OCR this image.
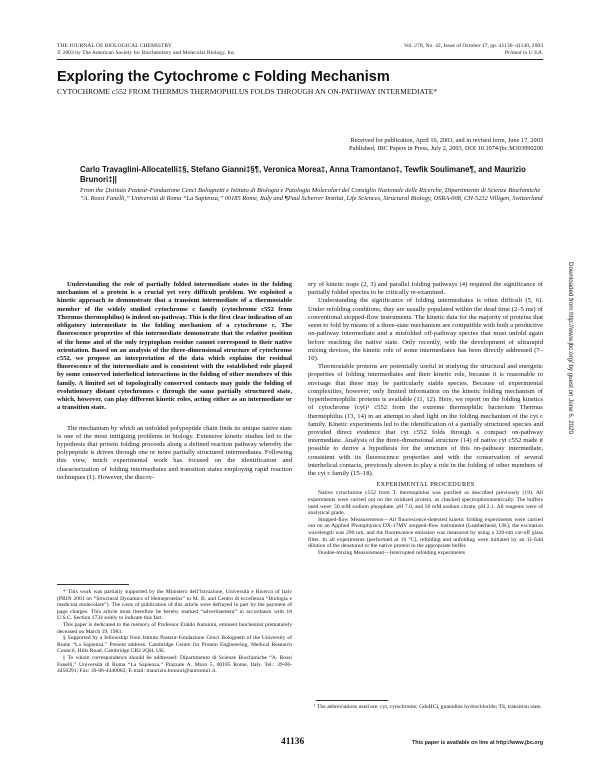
THE JOURNAL OF BIOLOGICAL CHEMISTRY
© 2003 by The American Society for Biochemistry and Molecular Biology, Inc.
Vol. 278, No. 42, Issue of October 17, pp. 41136–41140, 2003
Printed in U.S.A.
Exploring the Cytochrome c Folding Mechanism
CYTOCHROME c552 FROM THERMUS THERMOPHILUS FOLDS THROUGH AN ON-PATHWAY INTERMEDIATE*
Received for publication, April 16, 2003, and in revised form, June 17, 2003
Published, JBC Papers in Press, July 2, 2003, DOI 10.1074/jbc.M303990200
Carlo Travaglini-Allocatelli‡§, Stefano Gianni‡§¶, Veronica Morea‡, Anna Tramontano‡, Tewfik Soulimane¶, and Maurizio Brunori‡||
From the ‡Istituto Pasteur-Fondazione Cenci Bolognetti e Istituto di Biologia e Patologia Molecolari del Consiglio Nazionale delle Ricerche, Dipartimento di Scienze Biochimiche “A. Rossi Fanelli,” Università di Roma “La Sapienza,” 00185 Rome, Italy and ¶Paul Scherrer Institut, Life Sciences, Structural Biology, OSRA-008, CH-5232 Villigen, Switzerland

Understanding the role of partially folded intermediate states in the folding mechanism of a protein is a crucial yet very difficult problem. We exploited a kinetic approach to demonstrate that a transient intermediate of a thermostable member of the widely studied cytochrome c family (cytochrome c552 from Thermus thermophilus) is indeed on-pathway. This is the first clear indication of an obligatory intermediate in the folding mechanism of a cytochrome c. The fluorescence properties of this intermediate demonstrate that the relative position of the heme and of the only tryptophan residue cannot correspond to their native orientation. Based on an analysis of the three-dimensional structure of cytochrome c552, we propose an interpretation of the data which explains the residual fluorescence of the intermediate and is consistent with the established role played by some conserved interhelical interactions in the folding of other members of this family. A limited set of topologically conserved contacts may guide the folding of evolutionary distant cytochromes c through the same partially structured state, which, however, can play different kinetic roles, acting either as an intermediate or a transition state.

The mechanism by which an unfolded polypeptide chain finds its unique native state is one of the most intriguing problems in biology. Extensive kinetic studies led to the hypothesis that protein folding proceeds along a defined reaction pathway whereby the polypeptide is driven through one or more partially structured intermediates. Following this view, much experimental work has focused on the identification and characterization of folding intermediates and transition states employing rapid reaction techniques (1). However, the discov-

* This work was partially supported by the Ministero dell’Istruzione, Università e Ricerca of Italy (PRIN 2001 on “Structural Dynamics of Hemeproteins” to M. B. and Centro di eccellenza “Biologia e medicina molecolare”). The costs of publication of this article were defrayed in part by the payment of page charges. This article must therefore be hereby marked “advertisement” in accordance with 18 U.S.C. Section 1734 solely to indicate this fact.

This paper is dedicated to the memory of Professor Eraldo Antonini, eminent biochemist prematurely deceased on March 19, 1983.

§ Supported by a fellowship from Istituto Pasteur-Fondazione Cenci Bolognetti of the University of Rome “La Sapienza.” Present address: Cambridge Centre for Protein Engineering, Medical Research Council, Hills Road, Cambridge CB2 2QH, UK.

|| To whom correspondence should be addressed: Dipartimento di Scienze Biochimiche “A. Rossi Fanelli,” Università di Roma “La Sapienza,” Piazzale A. Moro 5, 00185 Rome, Italy. Tel.: 39-06-4450291; Fax: 39-06-4440062; E-mail: maurizio.brunori@uniroma1.it.

ery of kinetic traps (2, 3) and parallel folding pathways (4) required the significance of partially folded species to be critically re-examined.

Understanding the significance of folding intermediates is often difficult (5, 6). Under refolding conditions, they are usually populated within the dead time (2–5 ms) of conventional stopped-flow instruments. The kinetic data for the majority of proteins that seem to fold by means of a three-state mechanism are compatible with both a productive on-pathway intermediate and a misfolded off-pathway species that must unfold again before reaching the native state. Only recently, with the development of ultrarapid mixing devices, the kinetic role of some intermediates has been directly addressed (7–10).

Thermostable proteins are potentially useful in studying the structural and energetic properties of folding intermediates and their kinetic role, because it is reasonable to envisage that these may be particularly stable species. Because of experimental complexities, however, only limited information on the kinetic folding mechanism of hyperthermophilic proteins is available (11, 12). Here, we report on the folding kinetics of cytochrome (cyt)¹ c552 from the extreme thermophilic bacterium Thermus thermophilus (13, 14) in an attempt to shed light on the folding mechanism of the cyt c family. Kinetic experiments led to the identification of a partially structured species and provided direct evidence that cyt c552 folds through a compact on-pathway intermediate. Analysis of the three-dimensional structure (14) of native cyt c552 made it possible to derive a hypothesis for the structure of this on-pathway intermediate, consistent with its fluorescence properties and with the conservation of several interhelical contacts, previously shown to play a role in the folding of other members of the cyt c family (15–18).

EXPERIMENTAL PROCEDURES

Native cytochrome c552 from T. thermophilus was purified as described previously (19). All experiments were carried out on the oxidized protein, as checked spectrophotometrically. The buffers used were: 50 mM sodium phosphate, pH 7.0, and 50 mM sodium citrate, pH 2.1. All reagents were of analytical grade.

Stopped-flow Measurements—All fluorescence-detected kinetic folding experiments were carried out on an Applied Photophysics DX-17MV stopped-flow instrument (Leatherhead, UK); the excitation wavelength was 290 nm, and the fluorescence emission was measured by using a 320-nm cut-off glass filter. In all experiments (performed at 10 °C), refolding and unfolding were initiated by an 11-fold dilution of the denatured or the native protein in the appropriate buffer.

Double-mixing Measurement—Interrupted refolding experiments

¹ The abbreviations used are: cyt, cytochrome; GdnHCl, guanidine hydrochloride; TS, transition state.

Downloaded from http://www.jbc.org/ by guest on June 6, 2020
41136	This paper is available on line at http://www.jbc.org
